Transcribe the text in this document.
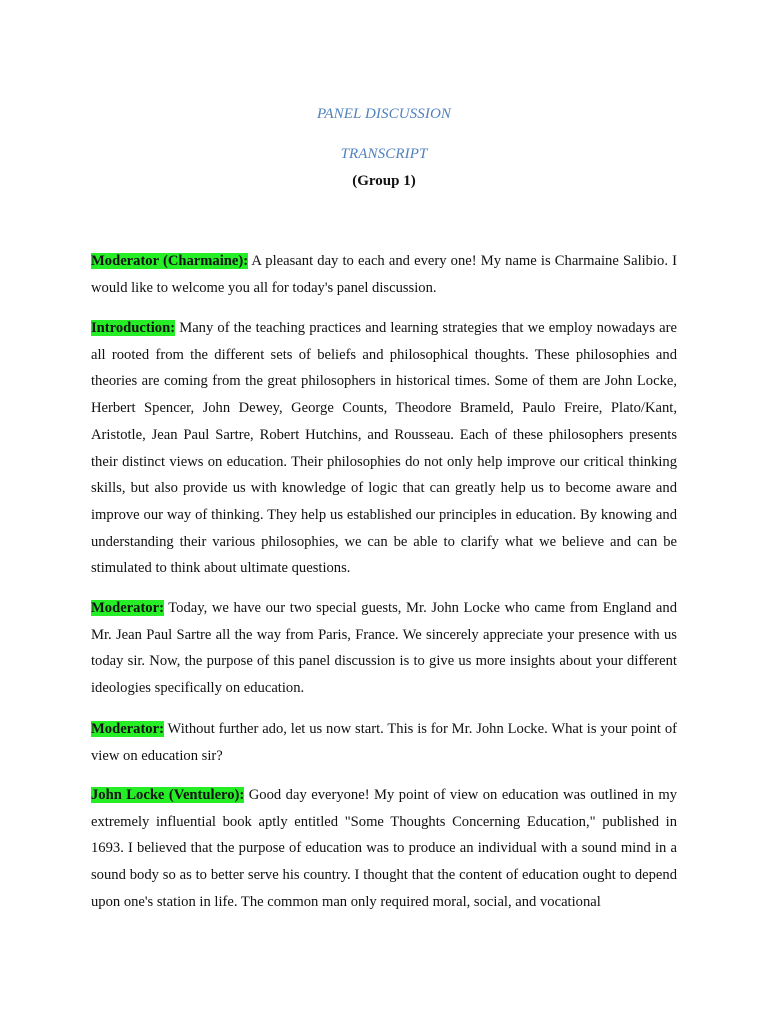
PANEL DISCUSSION
TRANSCRIPT
(Group 1)

Moderator (Charmaine): A pleasant day to each and every one! My name is Charmaine Salibio. I would like to welcome you all for today's panel discussion.

Introduction: Many of the teaching practices and learning strategies that we employ nowadays are all rooted from the different sets of beliefs and philosophical thoughts. These philosophies and theories are coming from the great philosophers in historical times. Some of them are John Locke, Herbert Spencer, John Dewey, George Counts, Theodore Brameld, Paulo Freire, Plato/Kant, Aristotle, Jean Paul Sartre, Robert Hutchins, and Rousseau. Each of these philosophers presents their distinct views on education. Their philosophies do not only help improve our critical thinking skills, but also provide us with knowledge of logic that can greatly help us to become aware and improve our way of thinking. They help us established our principles in education. By knowing and understanding their various philosophies, we can be able to clarify what we believe and can be stimulated to think about ultimate questions.

Moderator: Today, we have our two special guests, Mr. John Locke who came from England and Mr. Jean Paul Sartre all the way from Paris, France. We sincerely appreciate your presence with us today sir. Now, the purpose of this panel discussion is to give us more insights about your different ideologies specifically on education.

Moderator: Without further ado, let us now start. This is for Mr. John Locke. What is your point of view on education sir?

John Locke (Ventulero): Good day everyone! My point of view on education was outlined in my extremely influential book aptly entitled "Some Thoughts Concerning Education," published in 1693. I believed that the purpose of education was to produce an individual with a sound mind in a sound body so as to better serve his country. I thought that the content of education ought to depend upon one's station in life. The common man only required moral, social, and vocational
